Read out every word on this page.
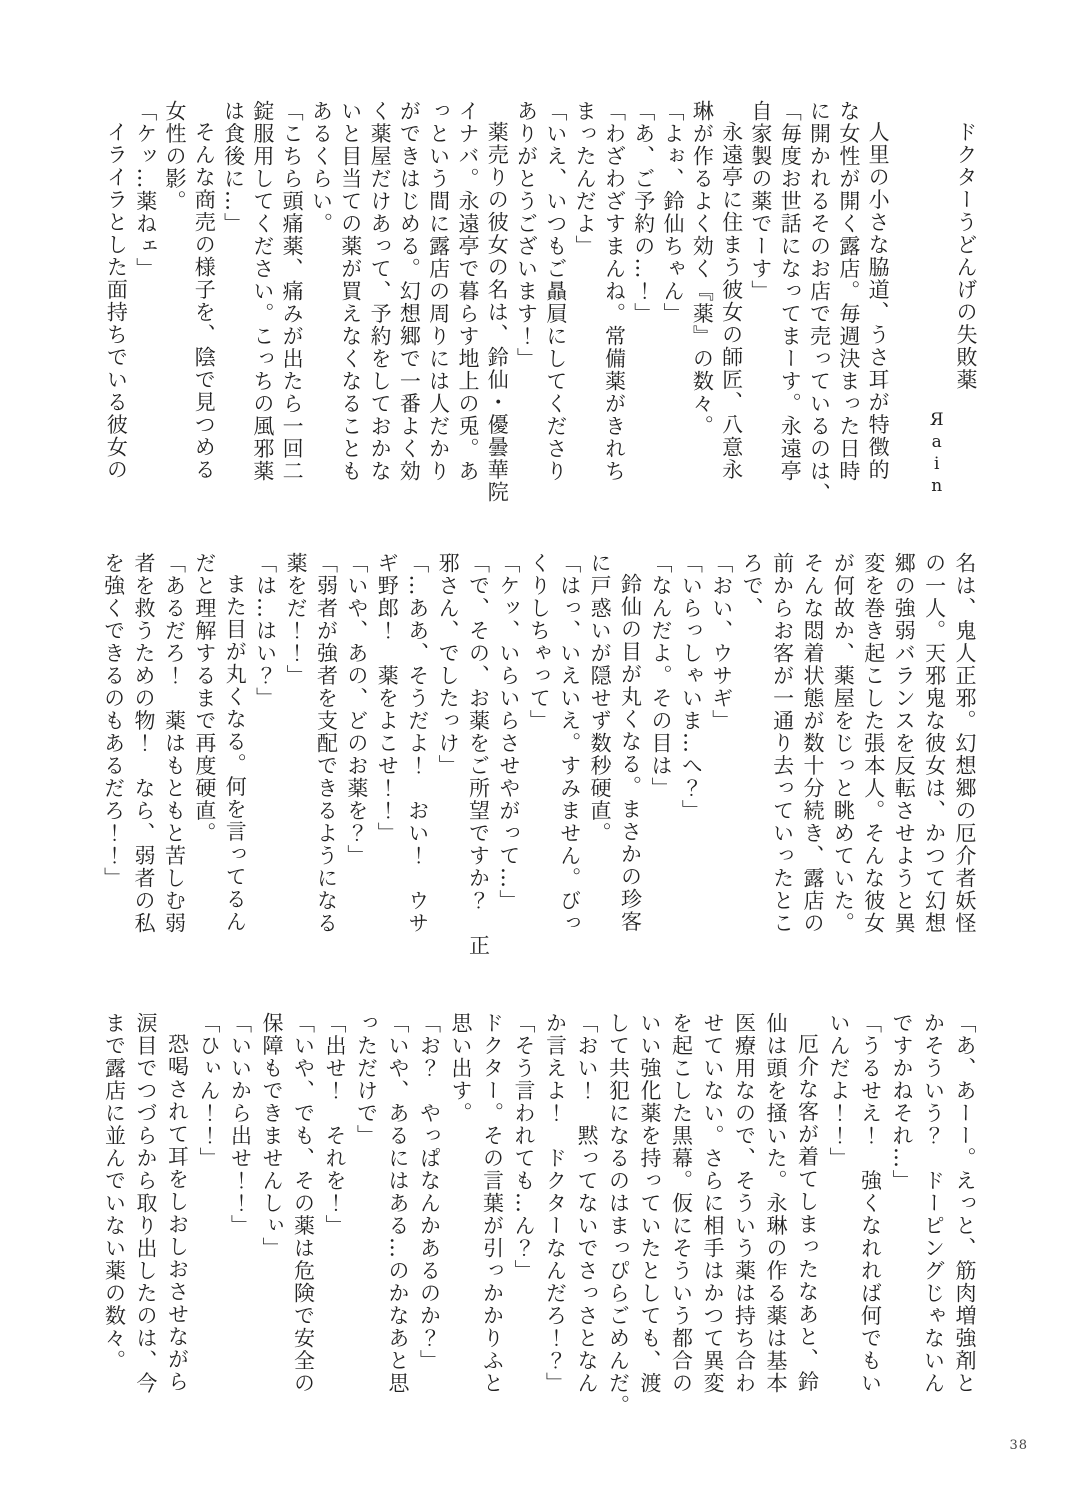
ドクターうどんげの失敗薬
Яain

人里の小さな脇道、うさ耳が特徴的
な女性が開く露店。毎週決まった日時
に開かれるそのお店で売っているのは、
「毎度お世話になってまーす。永遠亭
自家製の薬でーす」
永遠亭に住まう彼女の師匠、八意永
琳が作るよく効く『薬』の数々。
「よぉ、鈴仙ちゃん」
「あ、ご予約の…！」
「わざわざすまんね。常備薬がきれち
まったんだよ」
「いえ、いつもご贔屓にしてくださり
ありがとうございます！」
薬売りの彼女の名は、鈴仙・優曇華院
イナバ。永遠亭で暮らす地上の兎。あ
っという間に露店の周りには人だかり
ができはじめる。幻想郷で一番よく効
く薬屋だけあって、予約をしておかな
いと目当ての薬が買えなくなることも
あるくらい。
「こちら頭痛薬、痛みが出たら一回二
錠服用してください。こっちの風邪薬
は食後に…」
そんな商売の様子を、陰で見つめる
女性の影。
「ケッ…薬ねェ」
イライラとした面持ちでいる彼女の
名は、鬼人正邪。幻想郷の厄介者妖怪
の一人。天邪鬼な彼女は、かつて幻想
郷の強弱バランスを反転させようと異
変を巻き起こした張本人。そんな彼女
が何故か、薬屋をじっと眺めていた。
そんな悶着状態が数十分続き、露店の
前からお客が一通り去っていったとこ
ろで、
「おい、ウサギ」
「いらっしゃいま…へ？」
「なんだよ。その目は」
鈴仙の目が丸くなる。まさかの珍客
に戸惑いが隠せず数秒硬直。
「はっ、いえいえ。すみません。びっ
くりしちゃって」
「ケッ、いらいらさせやがって…」
「で、その、お薬をご所望ですか？　正
邪さん、でしたっけ」
「…ああ、そうだよ！　おい！　ウサ
ギ野郎！　薬をよこせ！！」
「いや、あの、どのお薬を？」
「弱者が強者を支配できるようになる
薬をだ！！」
「は…はい？」
また目が丸くなる。何を言ってるん
だと理解するまで再度硬直。
「あるだろ！　薬はもともと苦しむ弱
者を救うための物！　なら、弱者の私
を強くできるのもあるだろ！！」
「あ、あーー。えっと、筋肉増強剤と
かそういう？　ドーピングじゃないん
ですかねそれ…」
「うるせえ！　強くなれれば何でもい
いんだよ！！」
厄介な客が着てしまったなあと、鈴
仙は頭を掻いた。永琳の作る薬は基本
医療用なので、そういう薬は持ち合わ
せていない。さらに相手はかつて異変
を起こした黒幕。仮にそういう都合の
いい強化薬を持っていたとしても、渡
して共犯になるのはまっぴらごめんだ。
「おい！　黙ってないでさっさとなん
か言えよ！　ドクターなんだろ！？」
「そう言われても…ん？」
ドクター。その言葉が引っかかりふと
思い出す。
「お？　やっぱなんかあるのか？」
「いや、あるにはある…のかなあと思
っただけで」
「出せ！　それを！」
「いや、でも、その薬は危険で安全の
保障もできませんしぃ」
「いいから出せ！！」
「ひぃん！！」
恐喝されて耳をしおしおさせながら
涙目でつづらから取り出したのは、今
まで露店に並んでいない薬の数々。
38
